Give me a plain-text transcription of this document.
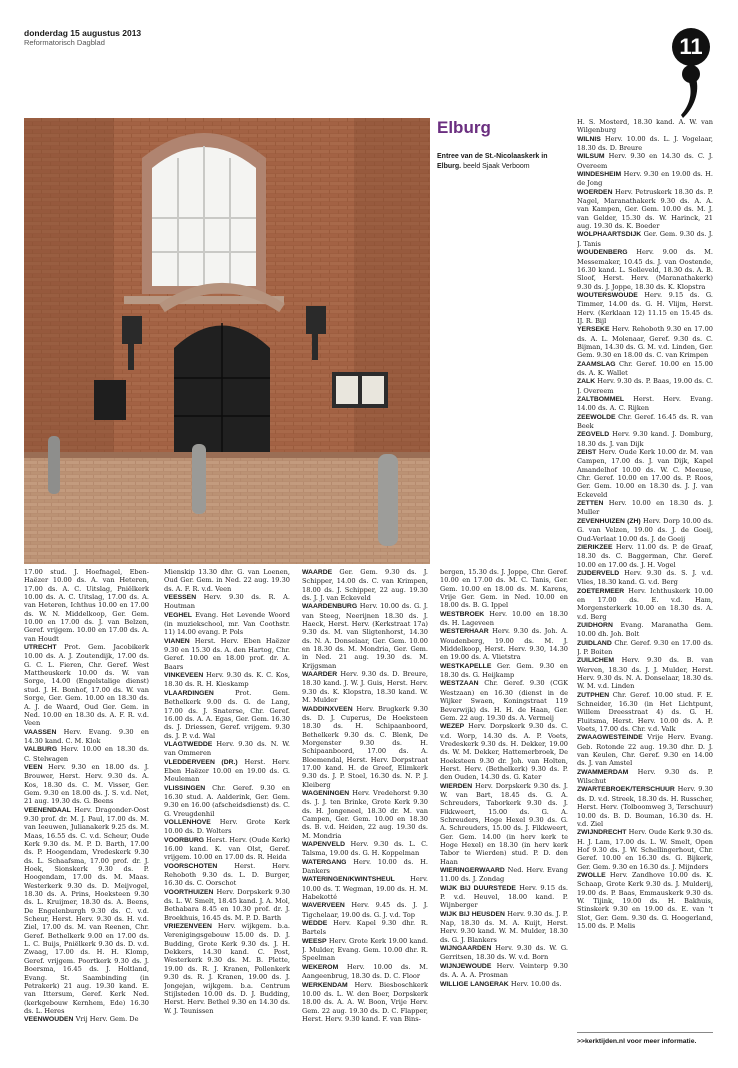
donderdag 15 augustus 2013
Reformatorisch Dagblad	11
Elburg
Entree van de St.-Nicolaaskerk in Elburg. beeld Sjaak Verboom

17.00 stud. J. Hoefnagel, Eben-Haëzer 10.00 ds. A. van Heteren, 17.00 ds. A. C. Uitslag, Pniëlkerk 10.00 ds. A. C. Uitslag, 17.00 ds. A. van Heteren, Ichthus 10.00 en 17.00 ds. W. N. Middelkoop, Ger. Gem. 10.00 en 17.00 ds. J. van Belzen, Geref. vrijgem. 10.00 en 17.00 ds. A. van Houdt

UTRECHT Prot. Gem. Jacobikerk 10.00 ds. A. J. Zoutendijk, 17.00 ds. G. C. L. Fieren, Chr. Geref. West Mattheuskerk 10.00 ds. W. van Sorge, 14.00 (Engelstalige dienst) stud. J. H. Bonhof, 17.00 ds. W. van Sorge, Ger. Gem. 10.00 en 18.30 ds. A. J. de Waard, Oud Ger. Gem. in Ned. 10.00 en 18.30 ds. A. F. R. v.d. Veen

VAASSEN Herv. Evang. 9.30 en 14.30 kand. C. M. Klok

VALBURG Herv. 10.00 en 18.30 ds. C. Stelwagen

VEEN Herv. 9.30 en 18.00 ds. J. Brouwer, Herst. Herv. 9.30 ds. A. Kos, 18.30 ds. C. M. Visser, Ger. Gem. 9.30 en 18.00 ds. J. S. v.d. Net, 21 aug. 19.30 ds. G. Beens

VEENENDAAL Herv. Dragonder-Oost 9.30 prof. dr. M. J. Paul, 17.00 ds. M. van Ieeuwen, Julianakerk 9.25 ds. M. Maas, 16.55 ds. C. v.d. Scheur, Oude Kerk 9.30 ds. M. P. D. Barth, 17.00 ds. P. Hoogendam, Vredeskerk 9.30 ds. L. Schaafsma, 17.00 prof. dr. J. Hoek, Sionskerk 9.30 ds. P. Hoogendam, 17.00 ds. M. Maas. Westerkerk 9.30 ds. D. Meijvogel, 18.30 ds. A. Prins, Hoeksteen 9.30 ds. L. Kruijmer, 18.30 ds. A. Beens, De Engelenburgh 9.30 ds. C. v.d. Scheur, Herst. Herv. 9.30 ds. H. v.d. Ziel, 17.00 ds. M. van Reenen, Chr. Geref. Bethelkerk 9.00 en 17.00 ds. L. C. Buijs, Pniëlkerk 9.30 ds. D. v.d. Zwaag, 17.00 ds. H. H. Klomp, Geref. vrijgem. Poortkerk 9.30 ds. J. Boersma, 16.45 ds. J. Holtland, Evang. St. Saambinding (in Petrakerk) 21 aug. 19.30 kand. E. van Ittersum, Geref. Kerk Ned. (kerkgebouw Kernhem, Ede) 16.30 ds. L. Heres

VEENWOUDEN Vrij Herv. Gem. De

Mienskip 13.30 dhr. G. van Loenen, Oud Ger. Gem. in Ned. 22 aug. 19.30 ds. A. F. R. v.d. Veen

VEESSEN Herv. 9.30 ds. R. A. Houtman

VEGHEL Evang. Het Levende Woord (in muziekschool, mr. Van Coothstr. 11) 14.00 evang. P. Pols

VIANEN Herst. Herv. Eben Haëzer 9.30 en 15.30 ds. A. den Hartog, Chr. Geref. 10.00 en 18.00 prof. dr. A. Baars

VINKEVEEN Herv. 9.30 ds. K. C. Kos, 18.30 ds. R. H. Kieskamp

VLAARDINGEN	Prot. Gem. Bethelkerk 9.00 ds. G. de Lang, 17.00 ds. J. Snaterse, Chr. Geref. 16.00 ds. A. A. Egas, Ger. Gem. 16.30 ds. J. Driessen, Geref. vrijgem. 9.30 ds. J. P. v.d. Wal

VLAGTWEDDE Herv. 9.30 ds. N. W. van Ommeren

VLEDDERVEEN (DR.) Herst. Herv. Eben Haëzer 10.00 en 19.00 ds. G. Meuleman

VLISSINGEN Chr. Geref. 9.30 en 16.30 stud. A. Aalderink, Ger. Gem. 9.30 en 16.00 (afscheidsdienst) ds. C. G. Vreugdenhil

VOLLENHOVE Herv. Grote Kerk 10.00 ds. D. Wolters

VOORBURG Herst. Herv. (Oude Kerk) 16.00 kand. K. van Olst, Geref. vrijgem. 10.00 en 17.00 ds. R. Heida

VOORSCHOTEN	Herst. Herv. Rehoboth 9.30 ds. L. D. Burger, 16.30 ds. C. Oorschot

VOORTHUIZEN Herv. Dorpskerk 9.30 ds. L. W. Smelt, 18.45 kand. J. A. Mol, Bethabara 8.45 en 10.30 prof. dr. J. Broekhuis, 16.45 ds. M. P. D. Barth

VRIEZENVEEN Herv. wijkgem. b.a. Verenigingsgebouw 15.00 ds. D. J. Budding, Grote Kerk 9.30 ds. J. H. Dekkers, 14.30 kand. C. Post, Westerkerk 9.30 ds. M. B. Plette, 19.00 ds. R. J. Kranen, Pollenkerk 9.30 ds. R. J. Kranen, 19.00 ds. J. Jongejan, wijkgem. b.a. Centrum Stijlsteden 10.00 ds. D. J. Budding, Herst. Herv. Bethel 9.30 en 14.30 ds. W. J. Teunissen

WAARDE Ger. Gem. 9.30 ds. J. Schipper, 14.00 ds. C. van Krimpen, 18.00 ds. J. Schipper, 22 aug. 19.30 ds. J. J. van Eckeveld

WAARDENBURG Herv. 10.00 ds. G. J. van Steeg, Neerijnen 18.30 ds. J. Haeck, Herst. Herv. (Kerkstraat 17a) 9.30 ds. M. van Sligtenhorst, 14.30 ds. N. A. Donselaar, Ger. Gem. 10.00 en 18.30 ds. M. Mondria, Ger. Gem. in Ned. 21 aug. 19.30 ds. M. Krijgsman

WAARDER Herv. 9.30 ds. D. Breure, 18.30 kand. J. W. J. Guis, Herst. Herv. 9.30 ds. K. Klopstra, 18.30 kand. W. M. Mulder

WADDINXVEEN Herv. Brugkerk 9.30 ds. D. J. Cuperus, De Hoeksteen 18.30 ds. H. Schipaanboord, Bethelkerk 9.30 ds. C. Blenk, De Morgenster 9.30 ds. H. Schipaanboord, 17.00 ds. A. Bloemendal, Herst. Herv. Dorpstraat 17.00 kand. H. de Greef, Elimkerk 9.30 ds. J. P. Stoel, 16.30 ds. N. P. J. Kleiberg

WAGENINGEN Herv. Vredehorst 9.30 ds. J. J. ten Brinke, Grote Kerk 9.30 ds. H. Jongeneel, 18.30 dr. M. van Campen, Ger. Gem. 10.00 en 18.30 ds. B. v.d. Heiden, 22 aug. 19.30 ds. M. Mondria

WAPENVELD Herv. 9.30 ds. L. C. Talsma, 19.00 ds. G. H. Koppelman

WATERGANG Herv. 10.00 ds. H. Dankers

WATERINGEN/KWINTSHEUL Herv. 10.00 ds. T. Wegman, 19.00 ds. H. M. Habekotté

WAVERVEEN Herv. 9.45 ds. J. J. Tigchelaar, 19.00 ds. G. J. v.d. Top

WEDDE Herv. Kapel 9.30 dhr. R. Bartels

WEESP Herv. Grote Kerk 19.00 kand. J. Mulder, Evang. Gem. 10.00 dhr. R. Speelman

WEKEROM Herv. 10.00 ds. M. Aangeenbrug, 18.30 ds. D. C. Floor

WERKENDAM Herv. Biesboschkerk 10.00 ds. L. W. den Boer, Dorpskerk 18.00 ds. A. A. W. Boon, Vrije Herv. Gem. 22 aug. 19.30 ds. D. C. Flapper, Herst. Herv. 9.30 kand. F. van Bins-

bergen, 15.30 ds. J. Joppe, Chr. Geref. 10.00 en 17.00 ds. M. C. Tanis, Ger. Gem. 10.00 en 18.00 ds. M. Karens, Vrije Ger. Gem. in Ned. 10.00 en 18.00 ds. B. G. Ippel

WESTBROEK Herv. 10.00 en 18.30 ds. H. Lageveen

WESTERHAAR Herv. 9.30 ds. Joh. A. Woudenberg, 19.00 ds. M. J. Middelkoop, Herst. Herv. 9.30, 14.30 en 19.00 ds. A. Vlietstra

WESTKAPELLE Ger. Gem. 9.30 en 18.30 ds. G. Heijkamp

WESTZAAN Chr. Geref. 9.30 (CGK Westzaan) en 16.30 (dienst in de Wijker Swaen, Koningstraat 119 Beverwijk) ds. H. H. de Haan, Ger. Gem. 22 aug. 19.30 ds. A. Vermeij

WEZEP Herv. Dorpskerk 9.30 ds. C. v.d. Worp, 14.30 ds. A. P. Voets, Vredeskerk 9.30 ds. H. Dekker, 19.00 ds. W. M. Dekker, Hattemerbroek, De Hoeksteen 9.30 dr. Joh. van Holten, Herst. Herv. (Bethelkerk) 9.30 ds. P. den Ouden, 14.30 ds. G. Kater

WIERDEN Herv. Dorpskerk 9.30 ds. J. W. van Bart, 18.45 ds. G. A. Schreuders, Taborkerk 9.30 ds. J. Fikkweert, 15.00 ds. G. A. Schreuders, Hoge Hexel 9.30 ds. G. A. Schreuders, 15.00 ds. J. Fikkweert, Ger. Gem. 14.00 (in herv kerk te Hoge Hexel) en 18.30 (in herv kerk Tabor te Wierden) stud. P. D. den Haan

WIERINGERWAARD Ned. Herv. Evang 11.00 ds. J. Zondag

WIJK BIJ DUURSTEDE Herv. 9.15 ds. P. v.d. Heuvel, 18.00 kand. P. Wijnberger

WIJK BIJ HEUSDEN Herv. 9.30 ds. J. P. Nap, 18.30 ds. M. A. Kuijt, Herst. Herv. 9.30 kand. W. M. Mulder, 18.30 ds. G. J. Blankers

WIJNGAARDEN Herv. 9.30 ds. W. G. Gerritsen, 18.30 ds. W. v.d. Born

WIJNJEWOUDE Herv. Veinterp 9.30 ds. A. A. A. Prosman

WILLIGE LANGERAK Herv. 10.00 ds.

H. S. Mosterd, 18.30 kand. A. W. van Wilgenburg

WILNIS Herv. 10.00 ds. L. J. Vogelaar, 18.30 ds. D. Breure

WILSUM Herv. 9.30 en 14.30 ds. C. J. Overeem

WINDESHEIM Herv. 9.30 en 19.00 ds. H. de Jong

WOERDEN Herv. Petruskerk 18.30 ds. P. Nagel, Maranathakerk 9.30 ds. A. A. van Kampen, Ger. Gem. 10.00 ds. M. J. van Gelder, 15.30 ds. W. Harinck, 21 aug. 19.30 ds. K. Boeder

WOLPHAARTSDIJK Ger. Gem. 9.30 ds. J. J. Tanis

WOUDENBERG Herv. 9.00 ds. M. Messemaker, 10.45 ds. J. van Oostende, 16.30 kand. L. Solleveld, 18.30 ds. A. B. Sloof, Herst. Herv. (Maranathakerk) 9.30 ds. J. Joppe, 18.30 ds. K. Klopstra

WOUTERSWOUDE Herv. 9.15 ds. G. Timmer, 14.00 ds. G. H. Vlijm, Herst. Herv. (Kerklaan 12) 11.15 en 15.45 ds. IJ. R. Bijl

YERSEKE Herv. Rehoboth 9.30 en 17.00 ds. A. L. Molenaar, Geref. 9.30 ds. C. Bijman, 14.30 ds. G. M. v.d. Linden, Ger. Gem. 9.30 en 18.00 ds. C. van Krimpen

ZAAMSLAG Chr. Geref. 10.00 en 15.00 ds. A. K. Wallet

ZALK Herv. 9.30 ds. P. Baas, 19.00 ds. C. J. Overeem

ZALTBOMMEL Herst. Herv. Evang. 14.00 ds. A. C. Rijken

ZEEWOLDE Chr. Geref. 16.45 ds. R. van Beek

ZEGVELD Herv. 9.30 kand. J. Domburg, 18.30 ds. J. van Dijk

ZEIST Herv. Oude Kerk 10.00 dr. M. van Campen, 17.00 ds. J. van Dijk, Kapel Amandelhof 10.00 ds. W. C. Meeuse, Chr. Geref. 10.00 en 17.00 ds. P. Roos, Ger. Gem. 10.00 en 18.30 ds. J. J. van Eckeveld

ZETTEN Herv. 10.00 en 18.30 ds. J. Muller

ZEVENHUIZEN (ZH) Herv. Dorp 10.00 ds. G. van Velzen, 19.00 ds. J. de Goeij, Oud-Verlaat 10.00 ds. J. de Goeij

ZIERIKZEE Herv. 11.00 ds. P. de Graaf, 18.30 ds. C. Baggerman, Chr. Geref. 10.00 en 17.00 ds. J. H. Vogel

ZIJDERVELD Herv. 9.30 ds. S. J. v.d. Vlies, 18.30 kand. G. v.d. Berg

ZOETERMEER Herv. Ichthuskerk 10.00 en 17.00 ds. E. v.d. Ham, Morgensterkerk 10.00 en 18.30 ds. A. v.d. Berg

ZUIDHORN Evang. Maranatha Gem. 10.00 dh. Joh. Bolt

ZUIDLAND Chr. Geref. 9.30 en 17.00 ds. J. P. Boiten

ZUILICHEM Herv. 9.30 ds. B. van Werven, 18.30 ds. J. J. Mulder, Herst. Herv. 9.30 ds. N. A. Donselaar, 18.30 ds. W. M. v.d. Linden

ZUTPHEN Chr. Geref. 10.00 stud. F. E. Schneider, 16.30 (in Het Lichtpunt, Willem Dreesstraat 4) ds. G. H. Fluitsma, Herst. Herv. 10.00 ds. A. P. Voets, 17.00 ds. Chr. v.d. Valk

ZWAAGWESTEINDE Vrije Herv. Evang. Geb. Rotonde 22 aug. 19.30 dhr. D. J. van Keulen, Chr. Geref. 9.30 en 14.00 ds. J. van Amstel

ZWAMMERDAM Herv. 9.30 ds. P. Wilschut

ZWARTEBROEK/TERSCHUUR Herv. 9.30 ds. D. v.d. Streek, 18.30 ds. H. Russcher, Herst. Herv. (Tolboomweg 3, Terschuur) 10.00 ds. B. D. Bouman, 16.30 ds. H. v.d. Ziel

ZWIJNDRECHT Herv. Oude Kerk 9.30 ds. H. J. Lam, 17.00 ds. L. W. Smelt, Open Hof 9.30 ds. J. W. Schellingerhout, Chr. Geref. 10.00 en 16.30 ds. G. Bijkerk, Ger. Gem. 9.30 en 16.30 ds. J. Mijnders

ZWOLLE Herv. Zandhove 10.00 ds. K. Schaap, Grote Kerk 9.30 ds. J. Mulderij, 19.00 ds. P. Baas, Emmauskerk 9.30 ds. W. Tijink, 19.00 ds. H. Bakhuis, Stinskerk 9.30 en 19.00 ds. E. van 't Slot, Ger. Gem. 9.30 ds. G. Hoogerland, 15.00 ds. P. Melis

>>kerktijden.nl voor meer informatie.
